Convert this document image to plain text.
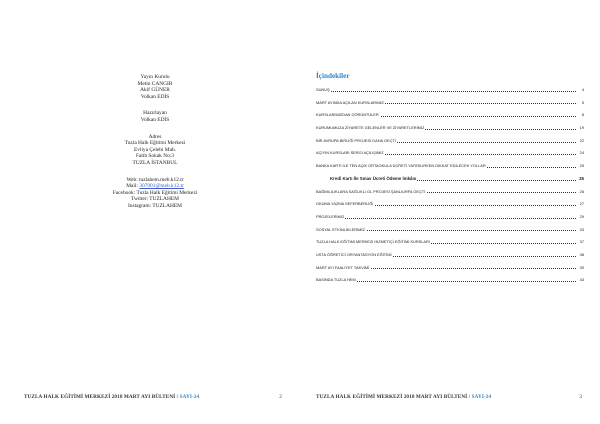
Yayın Kurulu
Metin CANGIR
Akif GÜNER
Volkan EDİS
Hazırlayan
Volkan EDİS
Adres
Tuzla Halk Eğitimi Merkezi
Evliya Çelebi Mah.
Fatih Sokak No:3
TUZLA İSTANBUL
Web: tuzlahem.meb.k12.tr
Mail: 307001@meb.k12.tr
Facebook: Tuzla Halk Eğitimi Merkezi
Twitter: TUZLAHEM
Instagram: TUZLAHEM
TUZLA HALK EĞİTİMİ MERKEZİ 2018 MART AYI BÜLTENİ / SAYI-24	2
İçindekiler
SUNUŞ	4
MART AYINDA AÇILAN KURSLARIMIZ	5
KURSLARIMIZDAN GÖRÜNTÜLER	8
KURUMUMUZA ZİYARETE GELENLER VE ZİYARETLERİMİZ	19
BİR AVRUPA BİRLİĞİ PROJESİ DAHA GEÇTİ	22
AÇIYIN KURSLARI SERGİ AÇILIŞIMIZ	24
BANKA KARTI İLE TEN AÇIK ORTAOKULA ÜCRETİ YATIRILIRKEN DİKKAT EDİLECEK YOLLAR	25
Kredi Kartı İle Sınav Ücreti Ödeme İmkânı	25
BAĞIMLILIKLARA SAĞLIKLI OL PROJESİ ŞANLIURFA GEÇTİ	26
OKUMA YAZMA SEFERBERLİĞİ	27
PROJELERİMİZ	29
SOSYAL ETKİNLİKLERİMİZ	33
TUZLA HALK EĞİTİMİ MERKEZİ HİZMETİÇİ EĞİTİMİ KURSLARI	37
USTA ÖĞRETİCİ ORYANTASYON EĞİTİMİ	38
MART AYI FAALİYET TAKVİMİ	39
BASINDA TUZLA HEM	43
TUZLA HALK EĞİTİMİ MERKEZİ 2018 MART AYI BÜLTENİ / SAYI-24	3
